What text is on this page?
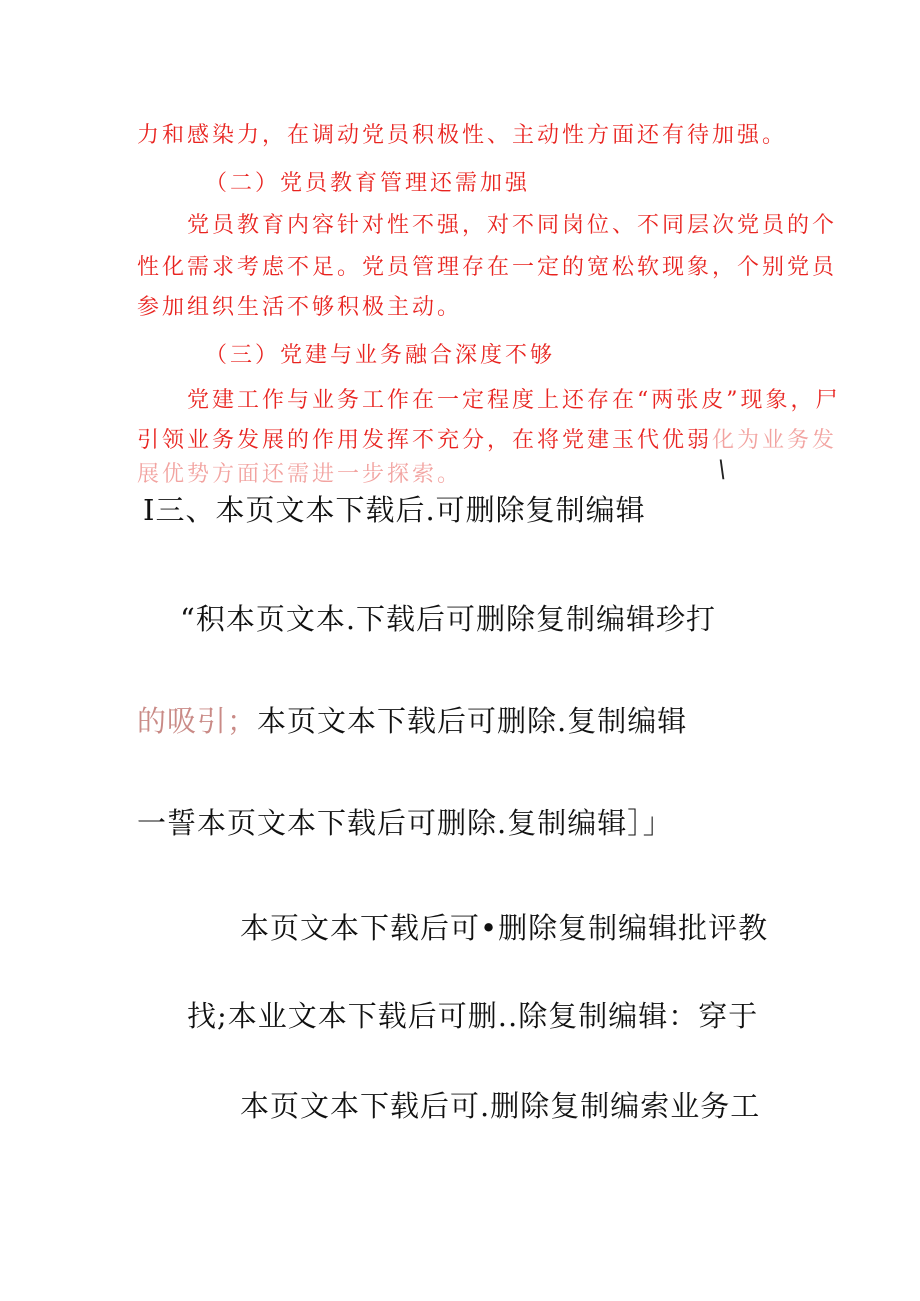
力和感染力，在调动党员积极性、主动性方面还有待加强。
（二）党员教育管理还需加强
党员教育内容针对性不强，对不同岗位、不同层次党员的个
性化需求考虑不足。党员管理存在一定的宽松软现象，个别党员
参加组织生活不够积极主动。
（三）党建与业务融合深度不够
党建工作与业务工作在一定程度上还存在“两张皮”现象，尸
引领业务发展的作用发挥不充分，在将党建玉代优弱化为业务发
展优势方面还需进一步探索。	\
I三、本页文本下载后.可删除复制编辑
“积本页文本.下载后可删除复制编辑珍打
的吸引；本页文本下载后可删除.复制编辑
一誓本页文本下载后可删除.复制编辑］」
本页文本下载后可•删除复制编辑批评教
找;本业文本下载后可删..除复制编辑：穿于
本页文本下载后可.删除复制编索业务工
